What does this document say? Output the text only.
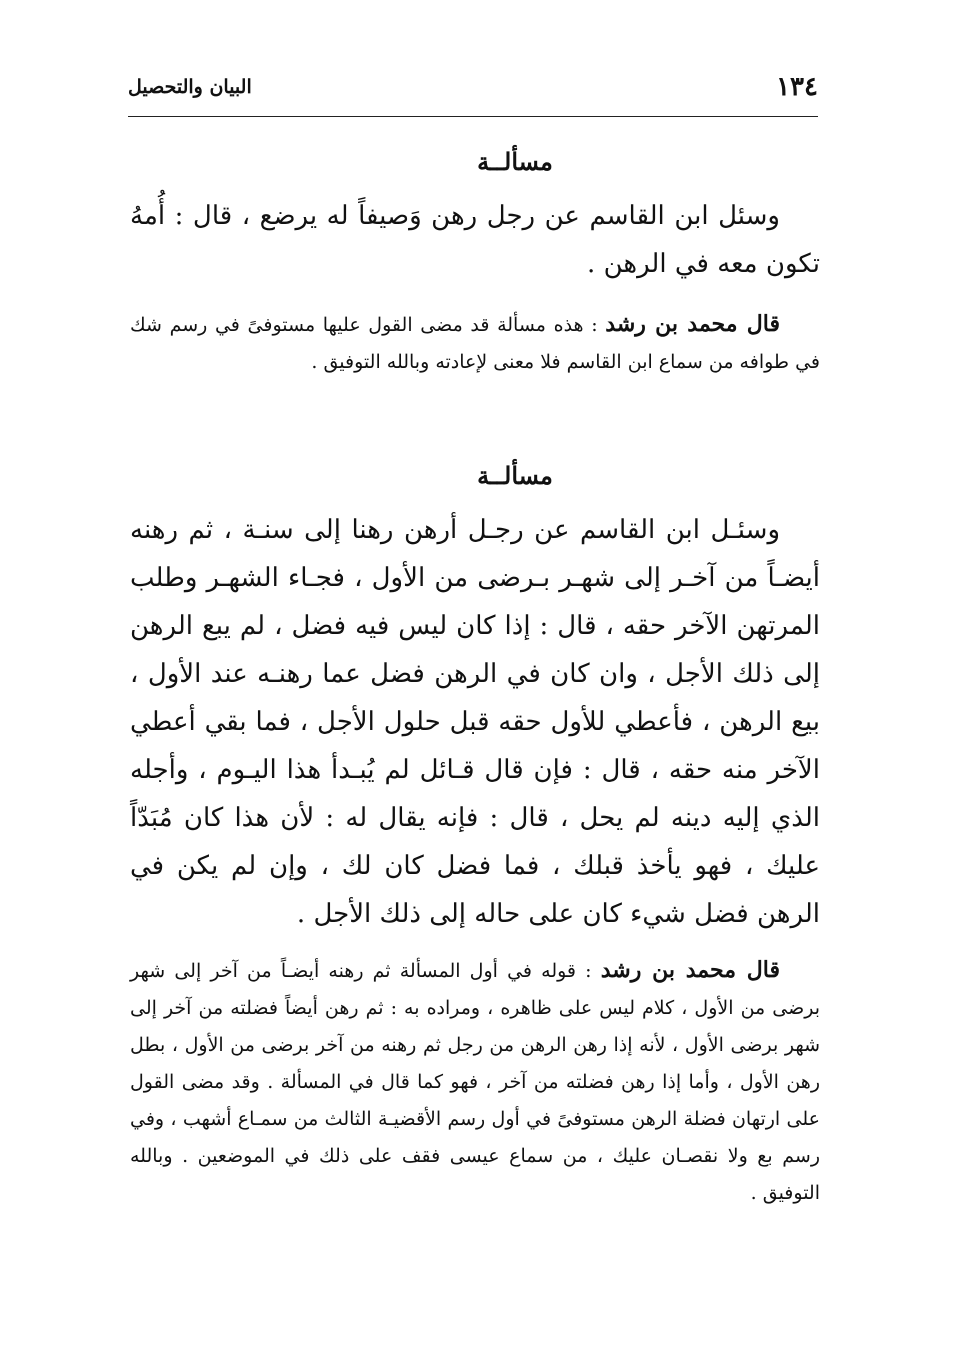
١٣٤
البيان والتحصيل
مسألــة

وسئل ابن القاسم عن رجل رهن وَصيفاً له يرضع ، قال : أُمهُ تكون معه في الرهن .

قال محمد بن رشد : هذه مسألة قد مضى القول عليها مستوفىً في رسم شك في طوافه من سماع ابن القاسم فلا معنى لإعادته وبالله التوفيق .

مسألــة

وسئـل ابن القاسم عن رجـل أرهن رهنا إلى سنـة ، ثم رهنه أيضـاً من آخـر إلى شهـر بـرضى من الأول ، فجـاء الشهـر وطلب المرتهن الآخر حقه ، قال : إذا كان ليس فيه فضل ، لم يبع الرهن إلى ذلك الأجل ، وان كان في الرهن فضل عما رهنـه عند الأول ، بيع الرهن ، فأعطي للأول حقه قبل حلول الأجل ، فما بقي أعطي الآخر منه حقه ، قال : فإن قال قـائل لم يُبـدأ هذا اليـوم ، وأجله الذي إليه دينه لم يحل ، قال : فإنه يقال له : لأن هذا كان مُبَدّاً عليك ، فهو يأخذ قبلك ، فما فضل كان لك ، وإن لم يكن في الرهن فضل شيء كان على حاله إلى ذلك الأجل .

قال محمد بن رشد : قوله في أول المسألة ثم رهنه أيضـاً من آخر إلى شهر برضى من الأول ، كلام ليس على ظاهره ، ومراده به : ثم رهن أيضاً فضلته من آخر إلى شهر برضى الأول ، لأنه إذا رهن الرهن من رجل ثم رهنه من آخر برضى من الأول ، بطل رهن الأول ، وأما إذا رهن فضلته من آخر ، فهو كما قال في المسألة . وقد مضى القول على ارتهان فضلة الرهن مستوفىً في أول رسم الأقضيـة الثالث من سمـاع أشهب ، وفي رسم بع ولا نقصـان عليك ، من سماع عيسى فقف على ذلك في الموضعين . وبالله التوفيق .
